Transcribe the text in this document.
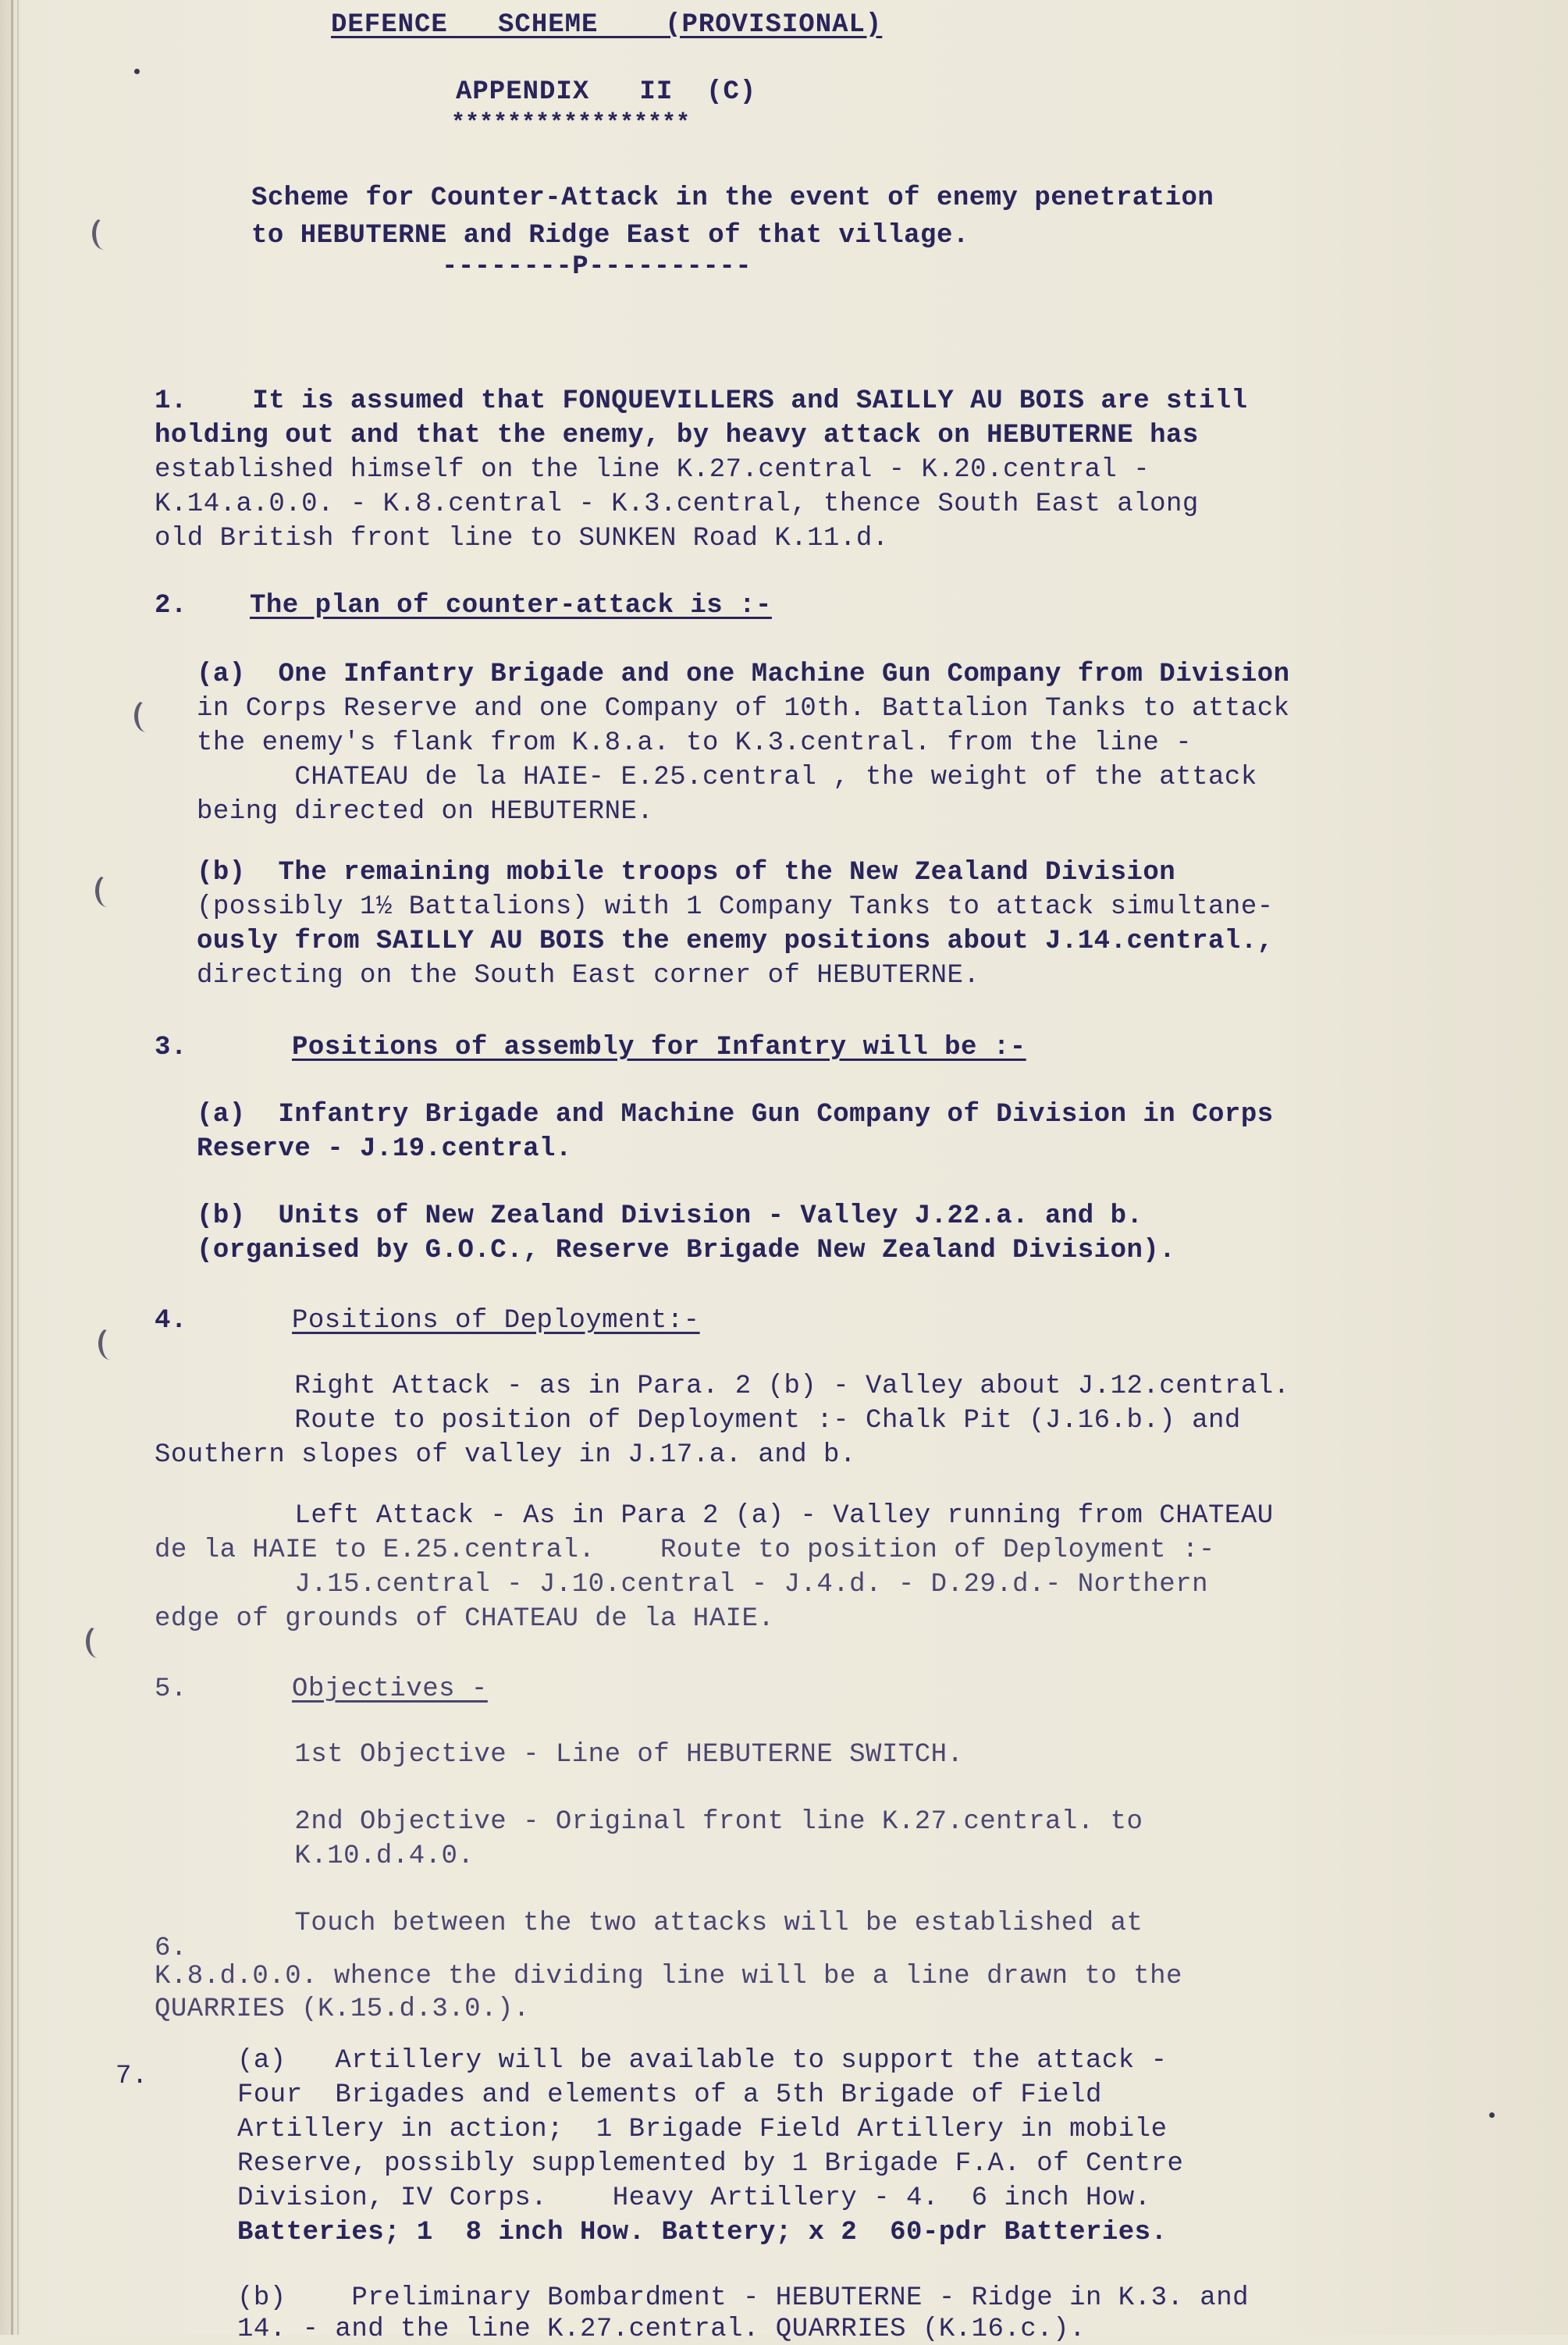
DEFENCE   SCHEME    (PROVISIONAL)
APPENDIX   II  (C)
*****************
Scheme for Counter-Attack in the event of enemy penetration
to HEBUTERNE and Ridge East of that village.
--------P----------
1.    It is assumed that FONQUEVILLERS and SAILLY AU BOIS are still
holding out and that the enemy, by heavy attack on HEBUTERNE has
established himself on the line K.27.central - K.20.central -
K.14.a.0.0. - K.8.central - K.3.central, thence South East along
old British front line to SUNKEN Road K.11.d.
2. The plan of counter-attack is :-
(a)  One Infantry Brigade and one Machine Gun Company from Division
in Corps Reserve and one Company of 10th. Battalion Tanks to attack
the enemy's flank from K.8.a. to K.3.central. from the line -
CHATEAU de la HAIE- E.25.central , the weight of the attack
being directed on HEBUTERNE.
(b)  The remaining mobile troops of the New Zealand Division
(possibly 1½ Battalions) with 1 Company Tanks to attack simultane-
ously from SAILLY AU BOIS the enemy positions about J.14.central.,
directing on the South East corner of HEBUTERNE.
3.	Positions of assembly for Infantry will be :-
(a)  Infantry Brigade and Machine Gun Company of Division in Corps
Reserve - J.19.central.
(b)  Units of New Zealand Division - Valley J.22.a. and b.
(organised by G.O.C., Reserve Brigade New Zealand Division).
4.	Positions of Deployment:-
Right Attack - as in Para. 2 (b) - Valley about J.12.central.
Route to position of Deployment :- Chalk Pit (J.16.b.) and
Southern slopes of valley in J.17.a. and b.
Left Attack - As in Para 2 (a) - Valley running from CHATEAU
de la HAIE to E.25.central.    Route to position of Deployment :-
J.15.central - J.10.central - J.4.d. - D.29.d.- Northern
edge of grounds of CHATEAU de la HAIE.
5.	Objectives -
1st Objective - Line of HEBUTERNE SWITCH.
2nd Objective - Original front line K.27.central. to
K.10.d.4.0.
Touch between the two attacks will be established at
6.
K.8.d.0.0. whence the dividing line will be a line drawn to the
QUARRIES (K.15.d.3.0.).
7.
(a)   Artillery will be available to support the attack -
Four  Brigades and elements of a 5th Brigade of Field
Artillery in action;  1 Brigade Field Artillery in mobile
Reserve, possibly supplemented by 1 Brigade F.A. of Centre
Division, IV Corps.    Heavy Artillery - 4.  6 inch How.
Batteries; 1  8 inch How. Battery; x 2  60-pdr Batteries.
(b)    Preliminary Bombardment - HEBUTERNE - Ridge in K.3. and
14. - and the line K.27.central. QUARRIES (K.16.c.).
